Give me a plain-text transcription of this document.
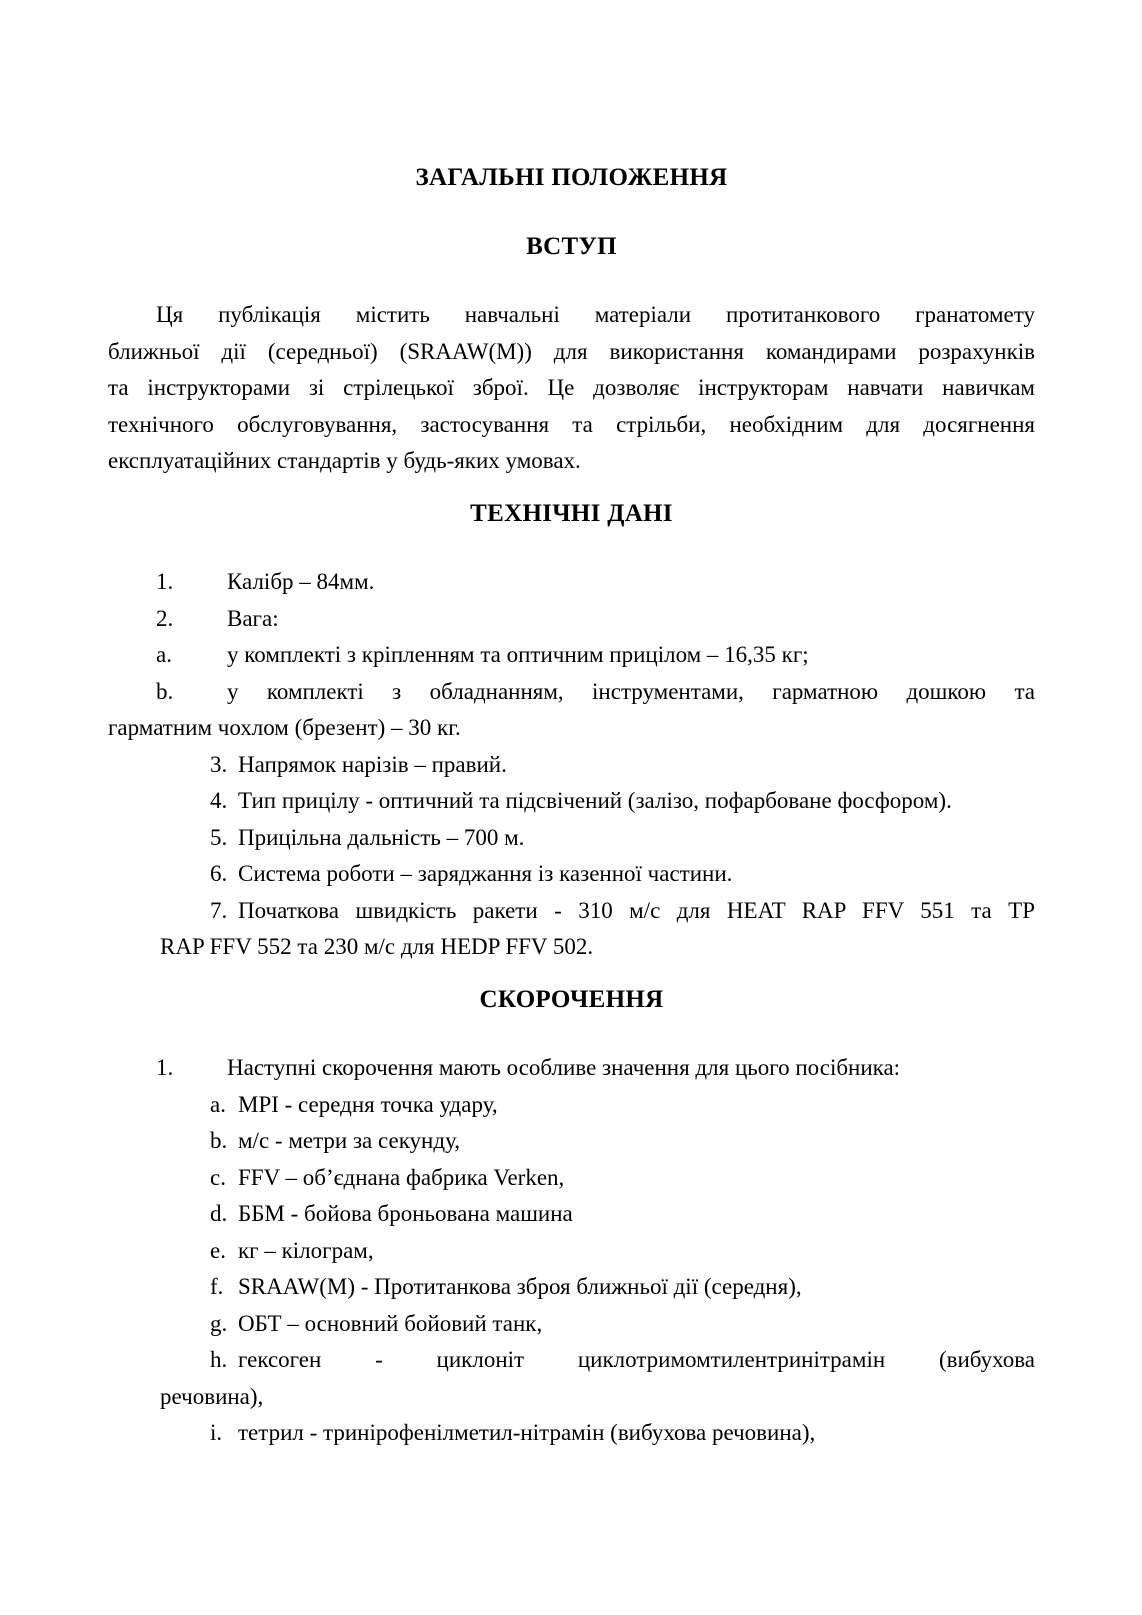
ЗАГАЛЬНІ ПОЛОЖЕННЯ
ВСТУП
Ця публікація містить навчальні матеріали протитанкового гранатомету
ближньої дії (середньої) (SRAAW(M)) для використання командирами розрахунків
та інструкторами зі стрілецької зброї. Це дозволяє інструкторам навчати навичкам
технічного обслуговування, застосування та стрільби, необхідним для досягнення
експлуатаційних стандартів у будь-яких умовах.
ТЕХНІЧНІ ДАНІ
1. Калібр – 84мм.
2. Вага:
a. у комплекті з кріпленням та оптичним прицілом – 16,35 кг;
b. у комплекті з обладнанням, інструментами, гарматною дошкою та
гарматним чохлом (брезент) – 30 кг.
3. Напрямок нарізів – правий.
4. Тип прицілу - оптичний та підсвічений (залізо, пофарбоване фосфором).
5. Прицільна дальність – 700 м.
6. Система роботи – заряджання із казенної частини.
7. Початкова швидкість ракети - 310 м/с для HEAT RAP FFV 551 та TP
RAP FFV 552 та 230 м/с для HEDP FFV 502.
СКОРОЧЕННЯ
1. Наступні скорочення мають особливе значення для цього посібника:
a. MPI - середня точка удару,
b. м/с - метри за секунду,
c. FFV – об’єднана фабрика Verken,
d. ББМ - бойова броньована машина
e. кг – кілограм,
f. SRAAW(M) - Протитанкова зброя ближньої дії (середня),
g. ОБТ – основний бойовий танк,
h. гексоген - циклоніт циклотримомтилентринітрамін (вибухова
речовина),
i. тетрил - тринірофенілметил-нітрамін (вибухова речовина),
